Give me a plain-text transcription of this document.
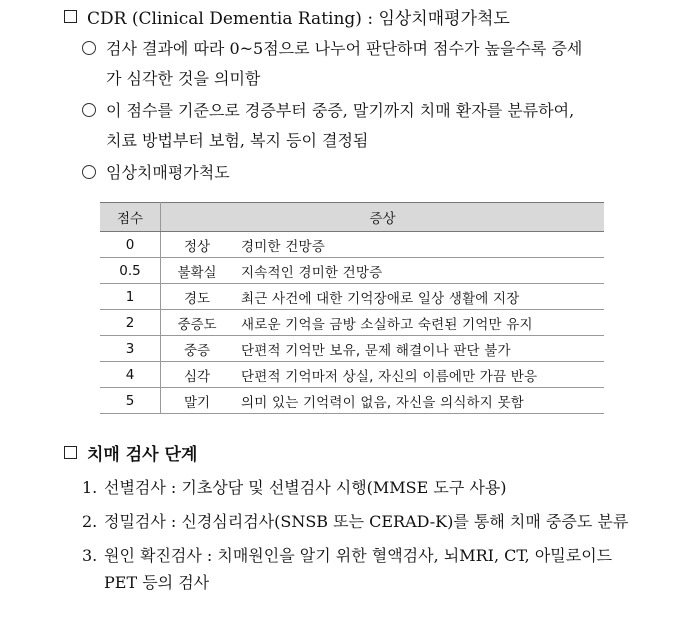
CDR (Clinical Dementia Rating) : 임상치매평가척도
검사 결과에 따라 0~5점으로 나누어 판단하며 점수가 높을수록 증세
가 심각한 것을 의미함
이 점수를 기준으로 경증부터 중증, 말기까지 치매 환자를 분류하여,
치료 방법부터 보험, 복지 등이 결정됨
임상치매평가척도
점수	증상	
0	정상	경미한 건망증
0.5	불확실	지속적인 경미한 건망증
1	경도	최근 사건에 대한 기억장애로 일상 생활에 지장
2	중증도	새로운 기억을 금방 소실하고 숙련된 기억만 유지
3	중증	단편적 기억만 보유, 문제 해결이나 판단 불가
4	심각	단편적 기억마저 상실, 자신의 이름에만 가끔 반응
5	말기	의미 있는 기억력이 없음, 자신을 의식하지 못함
치매 검사 단계
1. 선별검사 : 기초상담 및 선별검사 시행(MMSE 도구 사용)
2. 정밀검사 : 신경심리검사(SNSB 또는 CERAD-K)를 통해 치매 중증도 분류
3. 원인 확진검사 : 치매원인을 알기 위한 혈액검사, 뇌MRI, CT, 아밀로이드
PET 등의 검사
